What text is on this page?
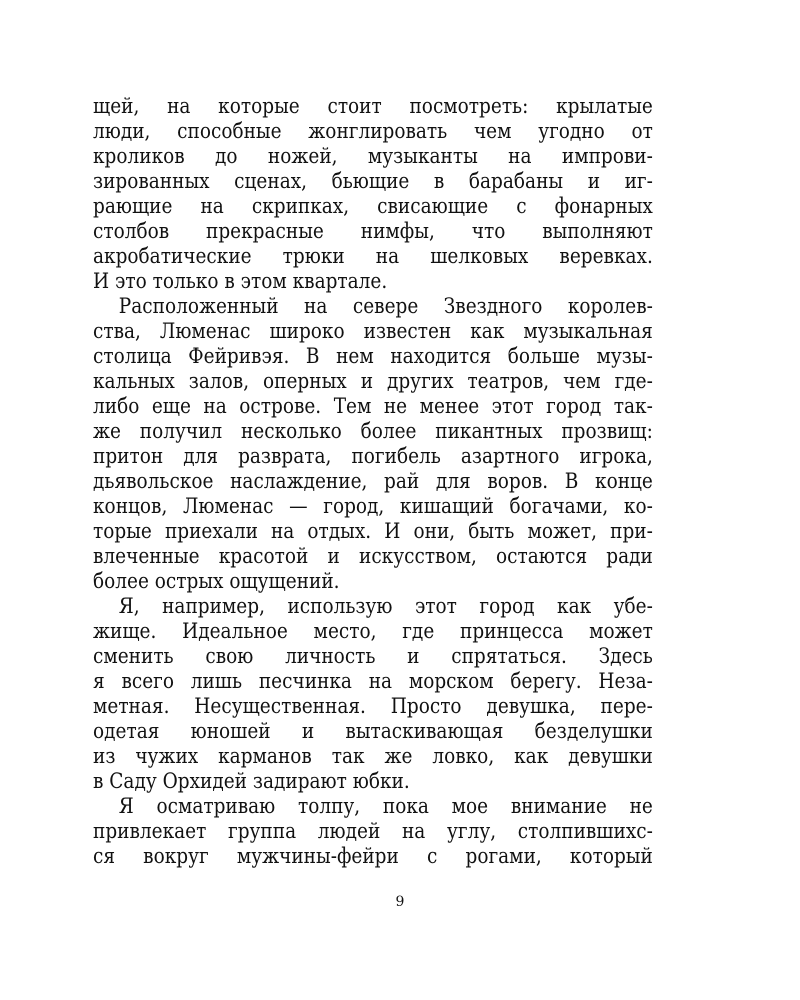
щей, на которые стоит посмотреть: крылатые
люди, способные жонглировать чем угодно от
кроликов до ножей, музыканты на импрови-
зированных сценах, бьющие в барабаны и иг-
рающие на скрипках, свисающие с фонарных
столбов прекрасные нимфы, что выполняют
акробатические трюки на шелковых веревках.
И это только в этом квартале.
Расположенный на севере Звездного королев-
ства, Люменас широко известен как музыкальная
столица Фейривэя. В нем находится больше музы-
кальных залов, оперных и других театров, чем где-
либо еще на острове. Тем не менее этот город так-
же получил несколько более пикантных прозвищ:
притон для разврата, погибель азартного игрока,
дьявольское наслаждение, рай для воров. В конце
концов, Люменас — город, кишащий богачами, ко-
торые приехали на отдых. И они, быть может, при-
влеченные красотой и искусством, остаются ради
более острых ощущений.
Я, например, использую этот город как убе-
жище. Идеальное место, где принцесса может
сменить свою личность и спрятаться. Здесь
я всего лишь песчинка на морском берегу. Неза-
метная. Несущественная. Просто девушка, пере-
одетая юношей и вытаскивающая безделушки
из чужих карманов так же ловко, как девушки
в Саду Орхидей задирают юбки.
Я осматриваю толпу, пока мое внимание не
привлекает группа людей на углу, столпившихс-
ся вокруг мужчины-фейри с рогами, который
9
